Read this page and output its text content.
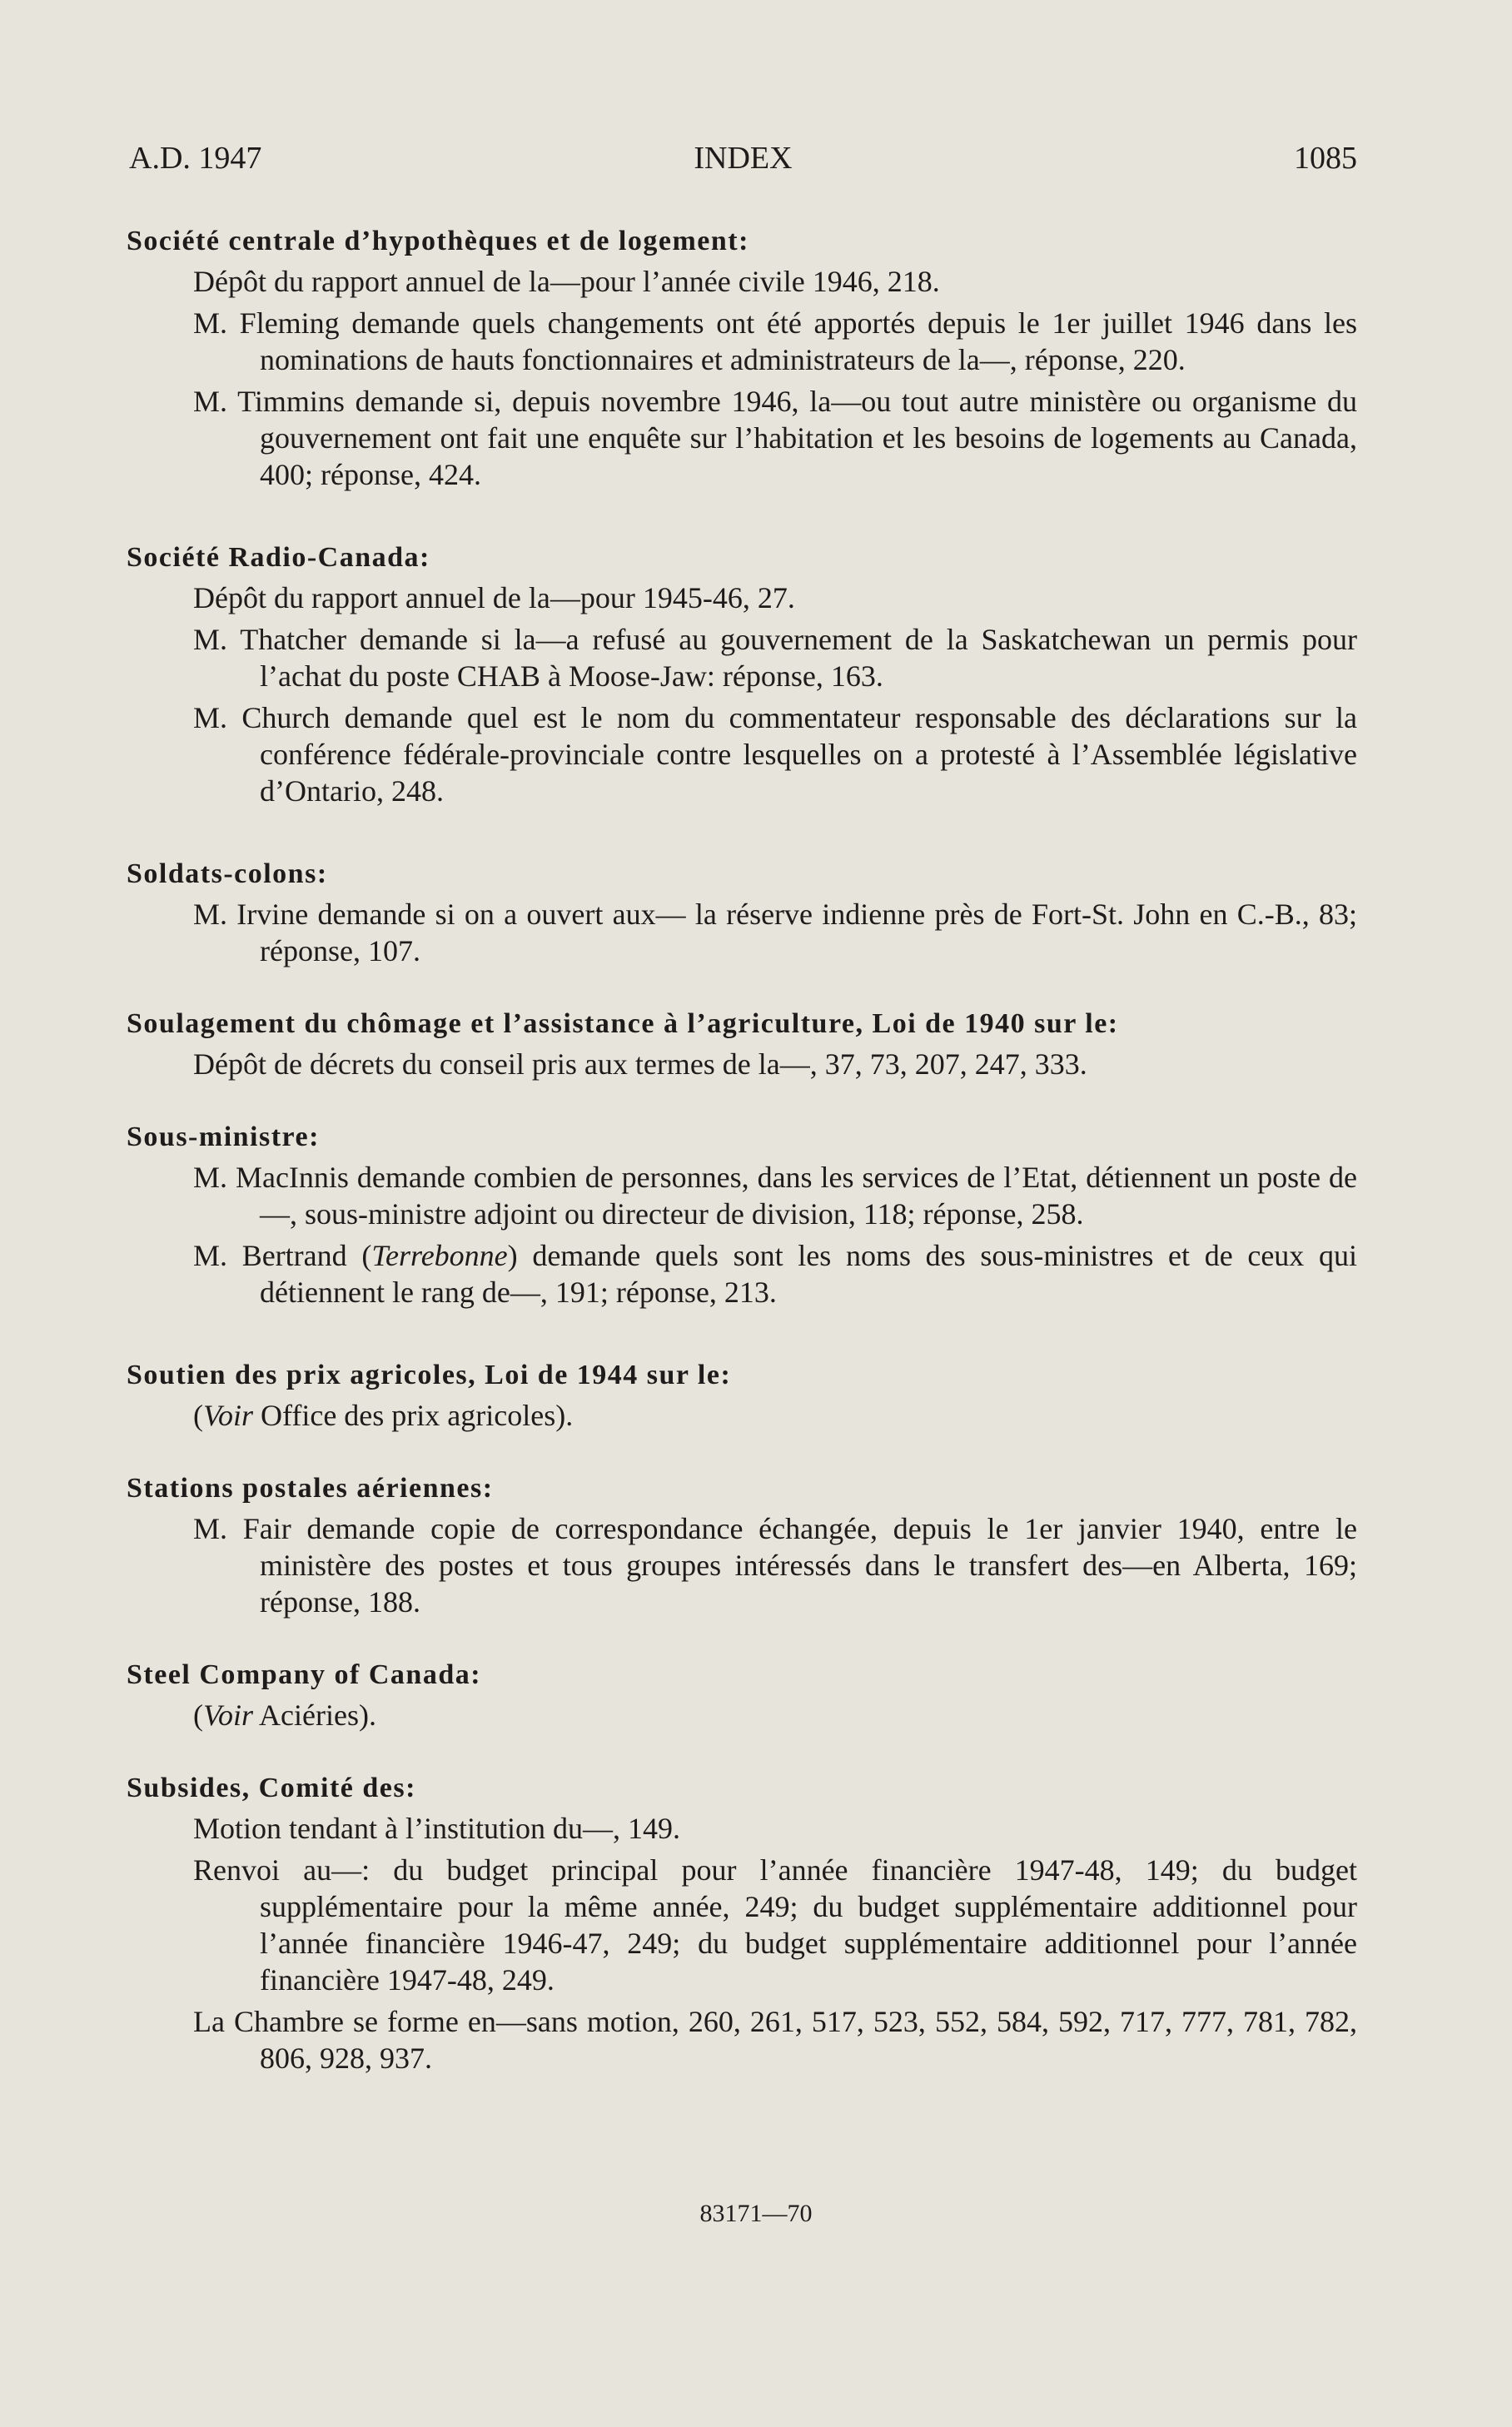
A.D. 1947	INDEX	1085
Société centrale d’hypothèques et de logement:
Dépôt du rapport annuel de la—pour l’année civile 1946, 218.
M. Fleming demande quels changements ont été apportés depuis le 1er juillet 1946 dans les nominations de hauts fonctionnaires et administrateurs de la—, réponse, 220.
M. Timmins demande si, depuis novembre 1946, la—ou tout autre ministère ou organisme du gouvernement ont fait une enquête sur l’habitation et les besoins de logements au Canada, 400; réponse, 424.
Société Radio-Canada:
Dépôt du rapport annuel de la—pour 1945-46, 27.
M. Thatcher demande si la—a refusé au gouvernement de la Saskatchewan un permis pour l’achat du poste CHAB à Moose-Jaw: réponse, 163.
M. Church demande quel est le nom du commentateur responsable des déclarations sur la conférence fédérale-provinciale contre lesquelles on a protesté à l’Assemblée législative d’Ontario, 248.
Soldats-colons:
M. Irvine demande si on a ouvert aux— la réserve indienne près de Fort-St. John en C.-B., 83; réponse, 107.
Soulagement du chômage et l’assistance à l’agriculture, Loi de 1940 sur le:
Dépôt de décrets du conseil pris aux termes de la—, 37, 73, 207, 247, 333.
Sous-ministre:
M. MacInnis demande combien de personnes, dans les services de l’Etat, détiennent un poste de—, sous-ministre adjoint ou directeur de division, 118; réponse, 258.
M. Bertrand (Terrebonne) demande quels sont les noms des sous-ministres et de ceux qui détiennent le rang de—, 191; réponse, 213.
Soutien des prix agricoles, Loi de 1944 sur le:
(Voir Office des prix agricoles).
Stations postales aériennes:
M. Fair demande copie de correspondance échangée, depuis le 1er janvier 1940, entre le ministère des postes et tous groupes intéressés dans le transfert des—en Alberta, 169; réponse, 188.
Steel Company of Canada:
(Voir Aciéries).
Subsides, Comité des:
Motion tendant à l’institution du—, 149.
Renvoi au—: du budget principal pour l’année financière 1947-48, 149; du budget supplémentaire pour la même année, 249; du budget supplémentaire additionnel pour l’année financière 1946-47, 249; du budget supplémentaire additionnel pour l’année financière 1947-48, 249.
La Chambre se forme en—sans motion, 260, 261, 517, 523, 552, 584, 592, 717, 777, 781, 782, 806, 928, 937.
83171—70
